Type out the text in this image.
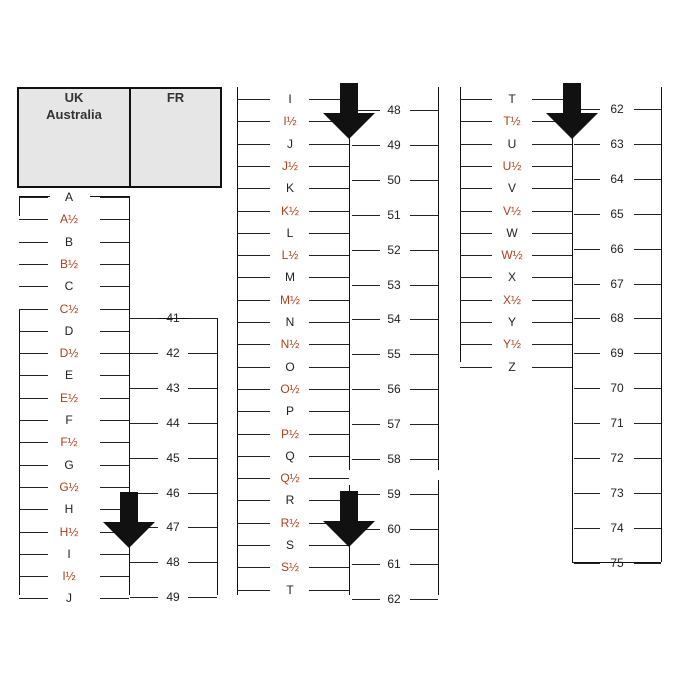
UK
Australia
FR
A
A½
B
B½
C
C½
D
D½
E
E½
F
F½
G
G½
H
H½
I
I½
J
41
42
43
44
45
46
47
48
49
I
I½
J
J½
K
K½
L
L½
M
M½
N
N½
O
O½
P
P½
Q
Q½
R
R½
S
S½
T
48
49
50
51
52
53
54
55
56
57
58
59
60
61
62
T
T½
U
U½
V
V½
W
W½
X
X½
Y
Y½
Z
62
63
64
65
66
67
68
69
70
71
72
73
74
75
